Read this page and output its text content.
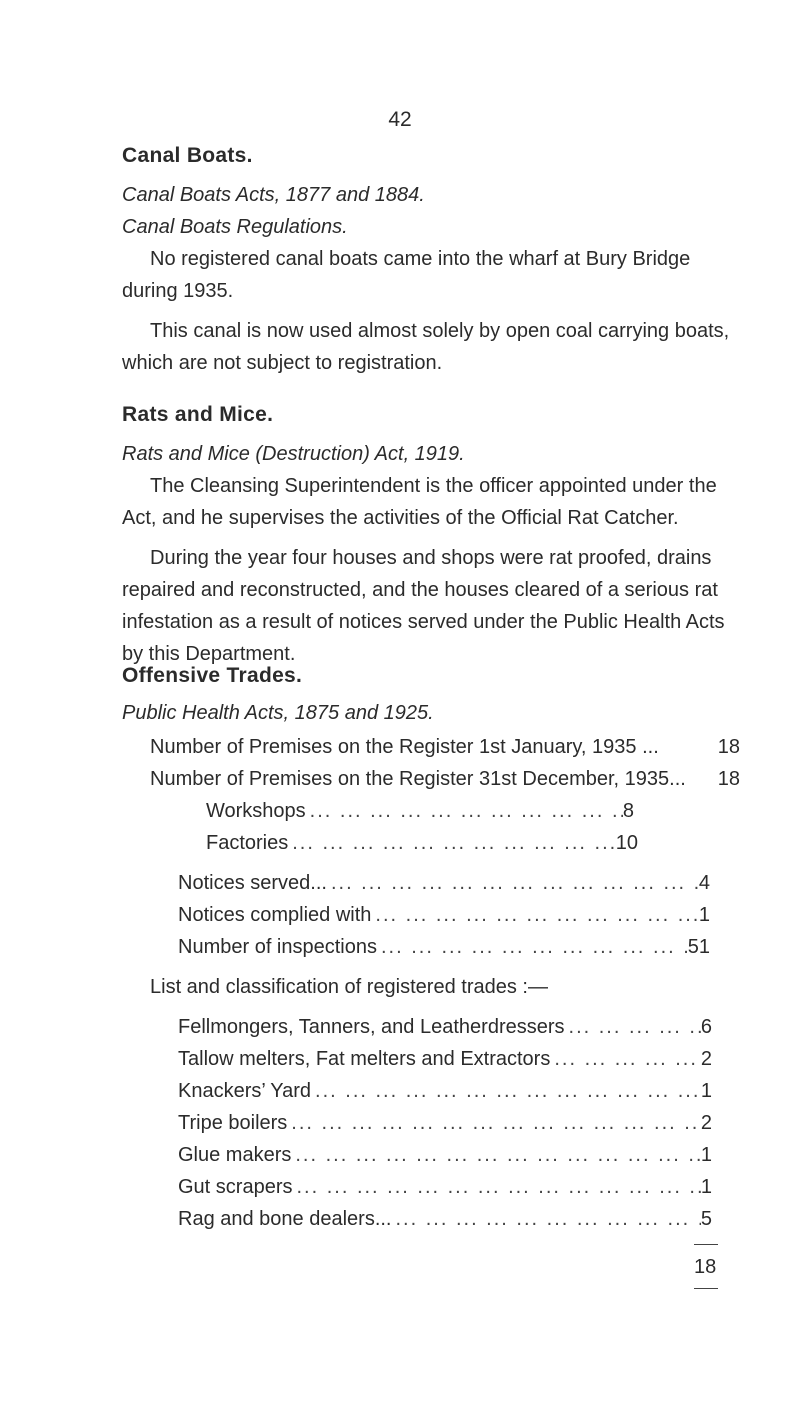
42
Canal Boats.
Canal Boats Acts, 1877 and 1884.
Canal Boats Regulations.

No registered canal boats came into the wharf at Bury Bridge during 1935.

This canal is now used almost solely by open coal carrying boats, which are not subject to registration.

Rats and Mice.
Rats and Mice (Destruction) Act, 1919.

The Cleansing Superintendent is the officer appointed under the Act, and he supervises the activities of the Official Rat Catcher.

During the year four houses and shops were rat proofed, drains repaired and reconstructed, and the houses cleared of a serious rat infestation as a result of notices served under the Public Health Acts by this Department.

Offensive Trades.
Public Health Acts, 1875 and 1925.
Number of Premises on the Register 1st January, 1935 ...	18
Number of Premises on the Register 31st December, 1935... 18
Workshops ... .	8
Factories ... .	10
Notices served... ... .	4
Notices complied with ... .	1
Number of inspections ... .	51
List and classification of registered trades :—
Fellmongers, Tanners, and Leatherdressers ... .	6
Tallow melters, Fat melters and Extractors ... .	2
Knackers’ Yard ... .	1
Tripe boilers ... .	2
Glue makers ... .	1
Gut scrapers ... .	1
Rag and bone dealers... ... .	5
18
